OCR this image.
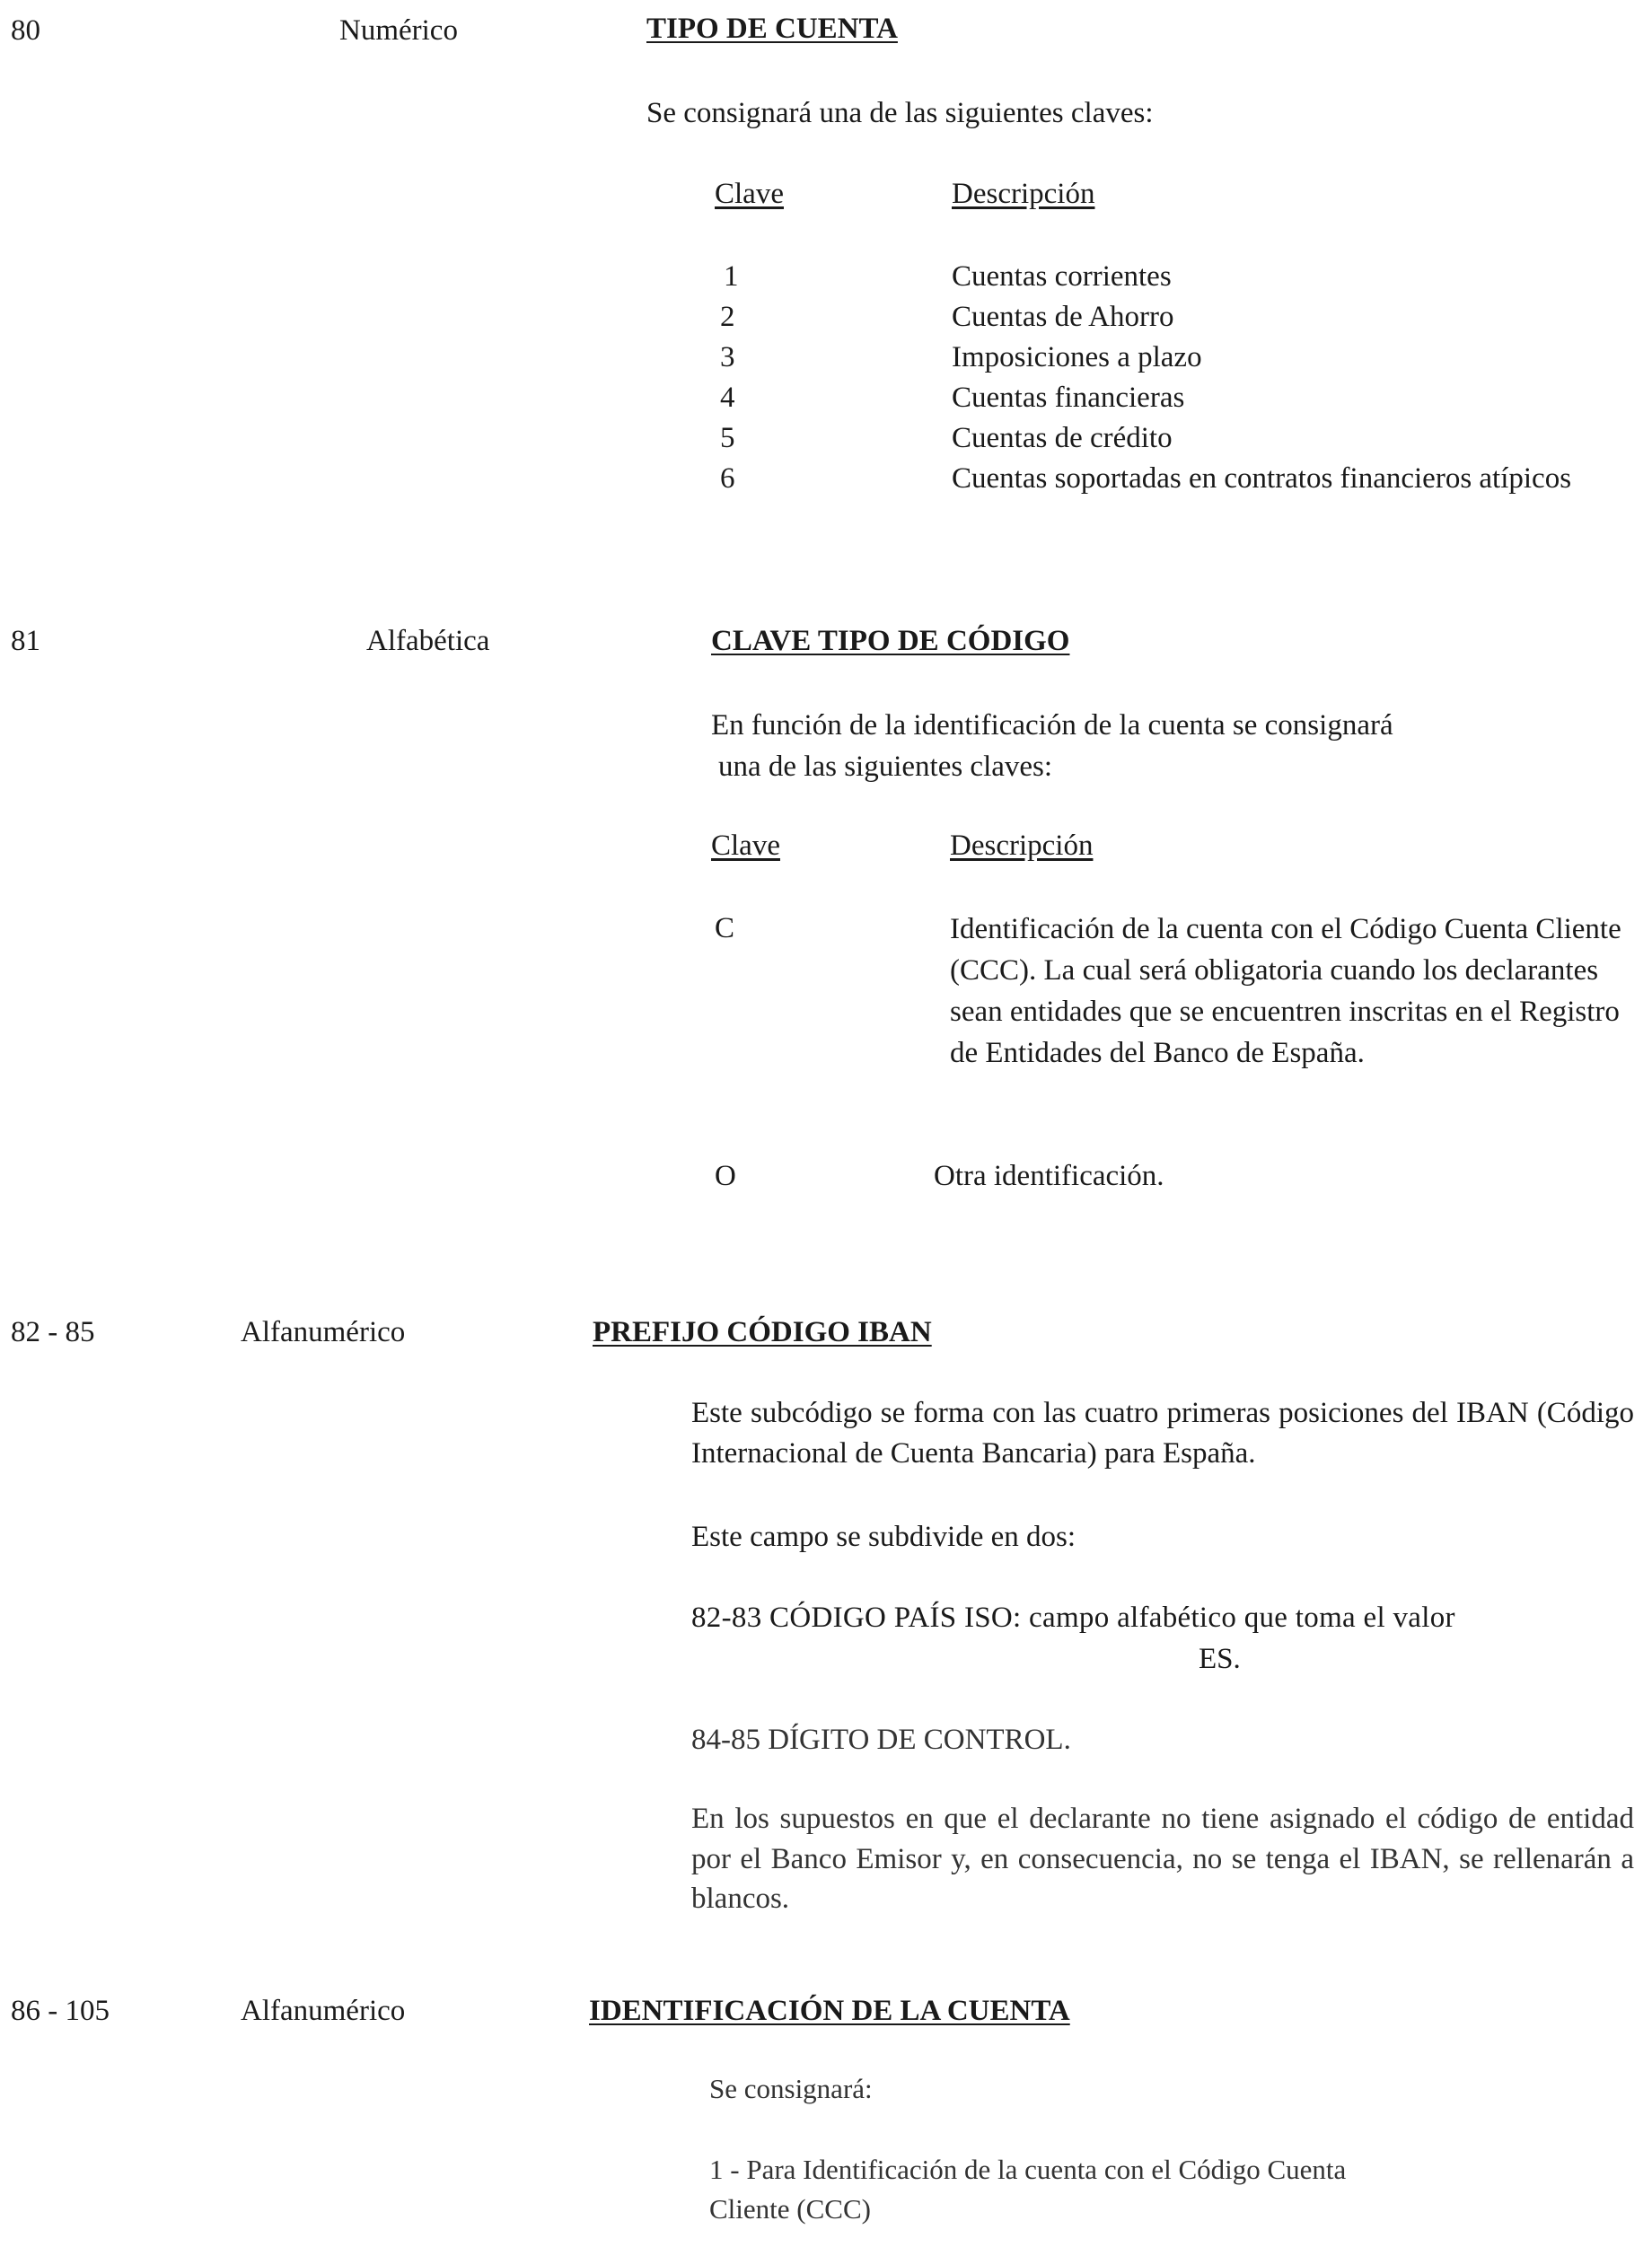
80	Numérico	TIPO DE CUENTA
Se consignará una de las siguientes claves:
Clave	Descripción
1	Cuentas corrientes
2	Cuentas de Ahorro
3	Imposiciones a plazo
4	Cuentas financieras
5	Cuentas de crédito
6	Cuentas soportadas en contratos financieros atípicos
81	Alfabética	CLAVE TIPO DE CÓDIGO
En función de la identificación de la cuenta se consignará
una de las siguientes claves:
Clave	Descripción
C	Identificación de la cuenta con el Código Cuenta Cliente (CCC). La cual será obligatoria cuando los declarantes sean entidades que se encuentren inscritas en el Registro de Entidades del Banco de España.
O	Otra identificación.
82 - 85	Alfanumérico	PREFIJO CÓDIGO IBAN
Este subcódigo se forma con las cuatro primeras posiciones del IBAN (Código Internacional de Cuenta Bancaria) para España.
Este campo se subdivide en dos:
82-83 CÓDIGO PAÍS ISO: campo alfabético que toma el valor
ES.
84-85 DÍGITO DE CONTROL.
En los supuestos en que el declarante no tiene asignado el código de entidad por el Banco Emisor y, en consecuencia, no se tenga el IBAN, se rellenarán a blancos.
86 - 105	Alfanumérico	IDENTIFICACIÓN DE LA CUENTA
Se consignará:
1 - Para Identificación de la cuenta con el Código Cuenta
Cliente (CCC)
